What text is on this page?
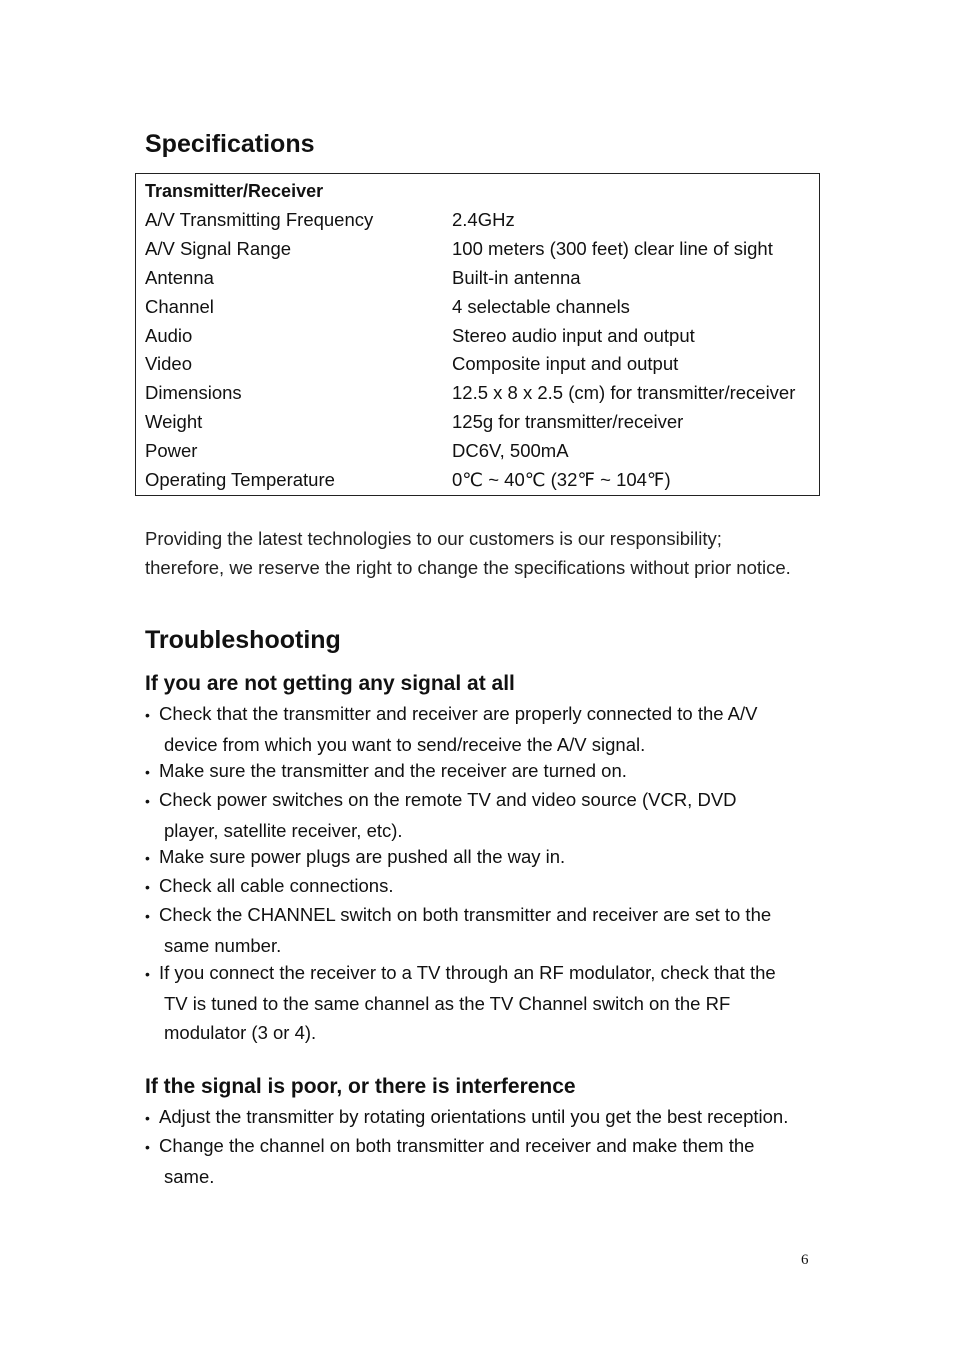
Specifications
Transmitter/Receiver
A/V Transmitting Frequency	2.4GHz
A/V Signal Range	100 meters (300 feet) clear line of sight
Antenna	Built-in antenna
Channel	4 selectable channels
Audio	Stereo audio input and output
Video	Composite input and output
Dimensions	12.5 x 8 x 2.5 (cm) for transmitter/receiver
Weight	125g for transmitter/receiver
Power	DC6V, 500mA
Operating Temperature	0℃ ~ 40℃ (32℉ ~ 104℉)
Providing the latest technologies to our customers is our responsibility;
therefore, we reserve the right to change the specifications without prior notice.
Troubleshooting
If you are not getting any signal at all
• Check that the transmitter and receiver are properly connected to the A/V
device from which you want to send/receive the A/V signal.
• Make sure the transmitter and the receiver are turned on.
• Check power switches on the remote TV and video source (VCR, DVD
player, satellite receiver, etc).
• Make sure power plugs are pushed all the way in.
• Check all cable connections.
• Check the CHANNEL switch on both transmitter and receiver are set to the
same number.
• If you connect the receiver to a TV through an RF modulator, check that the
TV is tuned to the same channel as the TV Channel switch on the RF
modulator (3 or 4).
If the signal is poor, or there is interference
• Adjust the transmitter by rotating orientations until you get the best reception.
• Change the channel on both transmitter and receiver and make them the
same.
6
